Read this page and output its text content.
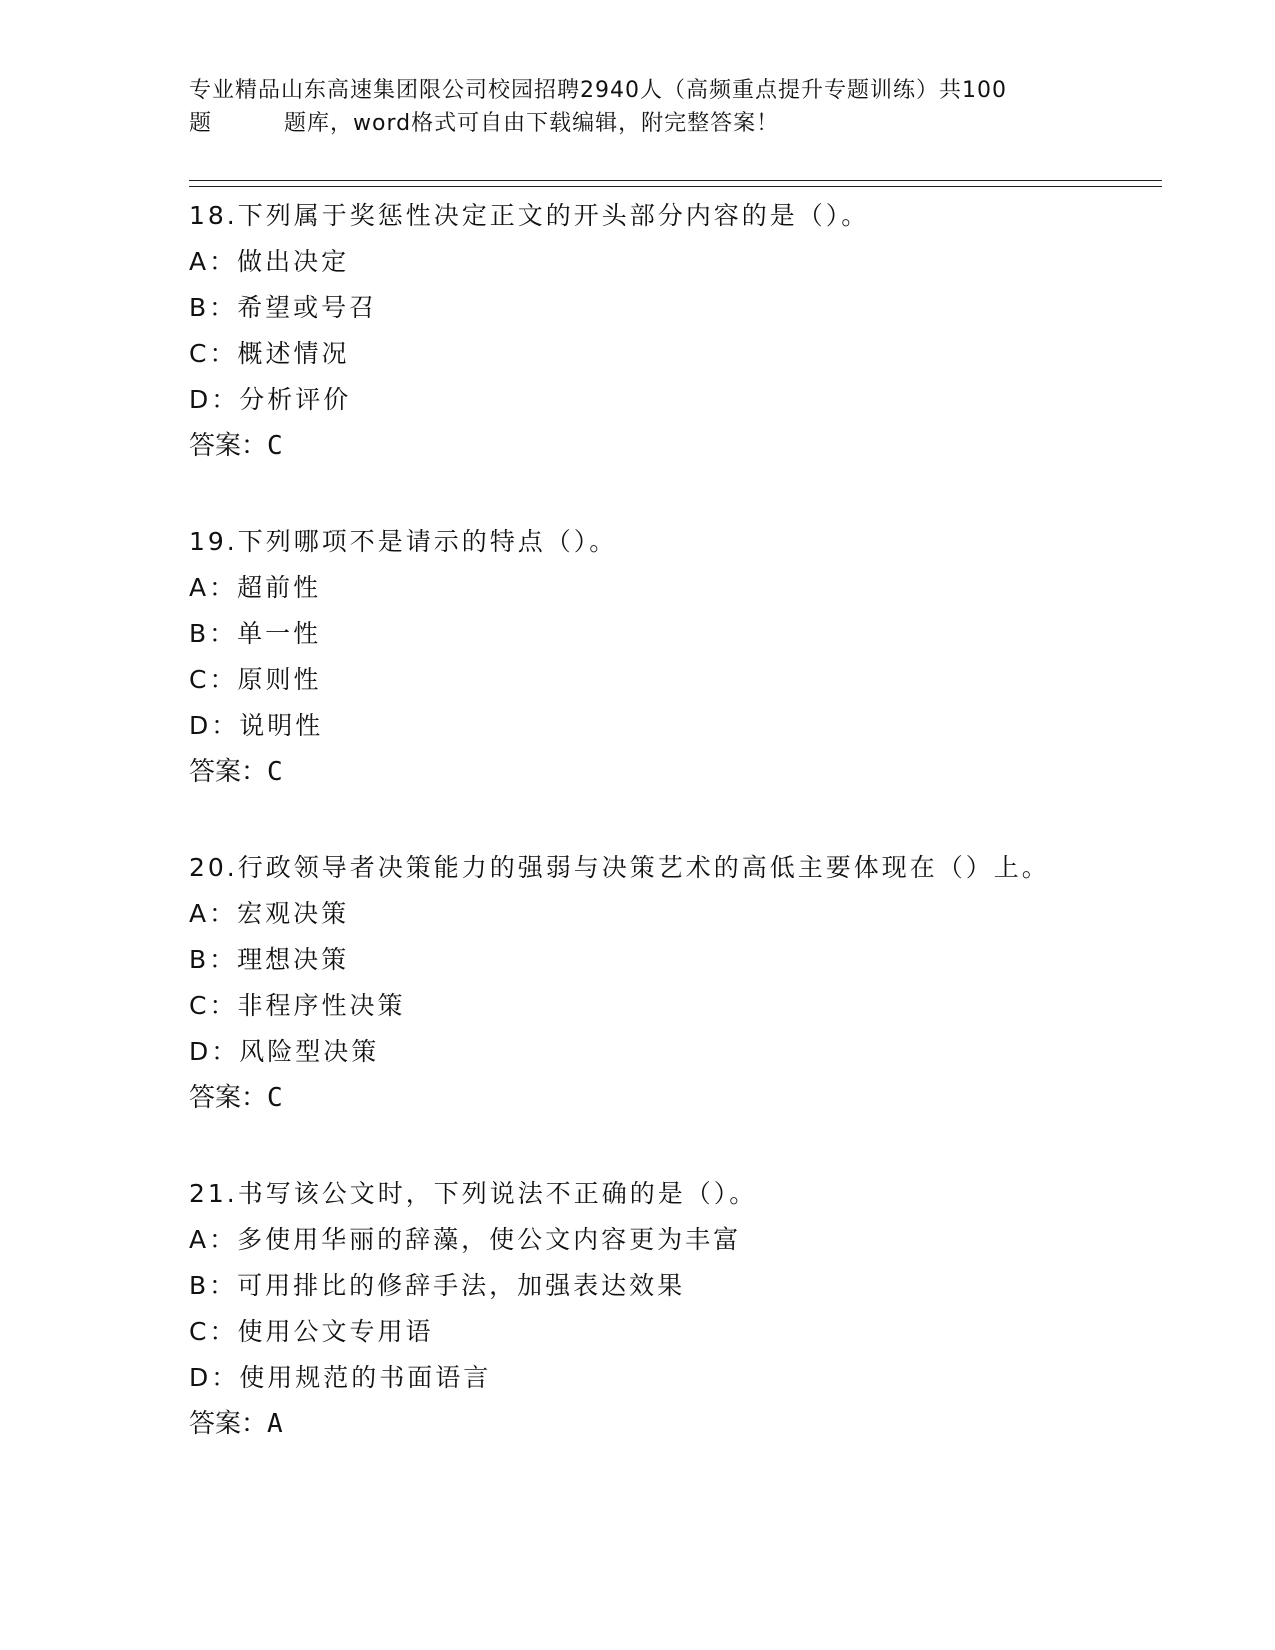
专业精品山东高速集团限公司校园招聘2940人（高频重点提升专题训练）共100
题	题库，word格式可自由下载编辑，附完整答案！
18.下列属于奖惩性决定正文的开头部分内容的是（）。
A：做出决定
B：希望或号召
C：概述情况
D：分析评价
答案：C
19.下列哪项不是请示的特点（）。
A：超前性
B：单一性
C：原则性
D：说明性
答案：C
20.行政领导者决策能力的强弱与决策艺术的高低主要体现在（）上。
A：宏观决策
B：理想决策
C：非程序性决策
D：风险型决策
答案：C
21.书写该公文时，下列说法不正确的是（）。
A：多使用华丽的辞藻，使公文内容更为丰富
B：可用排比的修辞手法，加强表达效果
C：使用公文专用语
D：使用规范的书面语言
答案：A
